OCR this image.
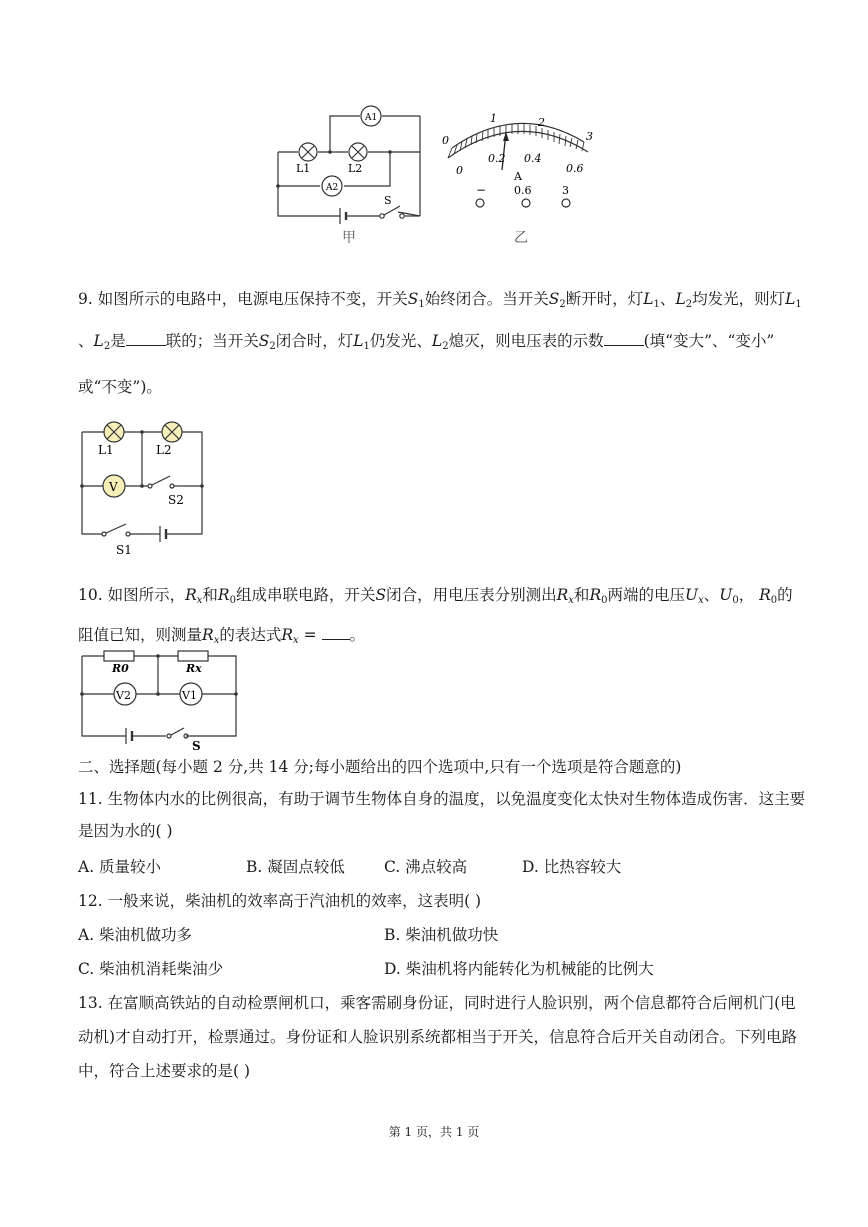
A1
A2
L1	L2
S
甲
0
1	2
3
0
0.2 0.4
0.6
A
−	0.6	3
乙
9. 如图所示的电路中，电源电压保持不变，开关$S_1$始终闭合。当开关$S_2$断开时，灯$L_1$、$L_2$均发光，则灯$L_1$
、$L_2$是	联的；当开关$S_2$闭合时，灯$L_1$仍发光、$L_2$熄灭，则电压表的示数	(填“变大”、“变小”
或“不变”)。
V
L1	L2
S2
S1
10. 如图所示，$R_x$和$R_0$组成串联电路，开关S闭合，用电压表分别测出$R_x$和$R_0$两端的电压$U_x$、$U_0$， $R_0$的
阻值已知，则测量$R_x$的表达式$R_x$ = 。
R0	Rx
V2	V1
S
二、选择题(每小题 2 分,共 14 分;每小题给出的四个选项中,只有一个选项是符合题意的)
11. 生物体内水的比例很高，有助于调节生物体自身的温度，以免温度变化太快对生物体造成伤害．这主要
是因为水的( )
A. 质量较小	B. 凝固点较低	C. 沸点较高	D. 比热容较大
12. 一般来说，柴油机的效率高于汽油机的效率，这表明( )
A. 柴油机做功多	B. 柴油机做功快
C. 柴油机消耗柴油少	D. 柴油机将内能转化为机械能的比例大
13. 在富顺高铁站的自动检票闸机口，乘客需刷身份证，同时进行人脸识别，两个信息都符合后闸机门(电
动机)才自动打开，检票通过。身份证和人脸识别系统都相当于开关，信息符合后开关自动闭合。下列电路
中，符合上述要求的是( )
第 1 页，共 1 页
